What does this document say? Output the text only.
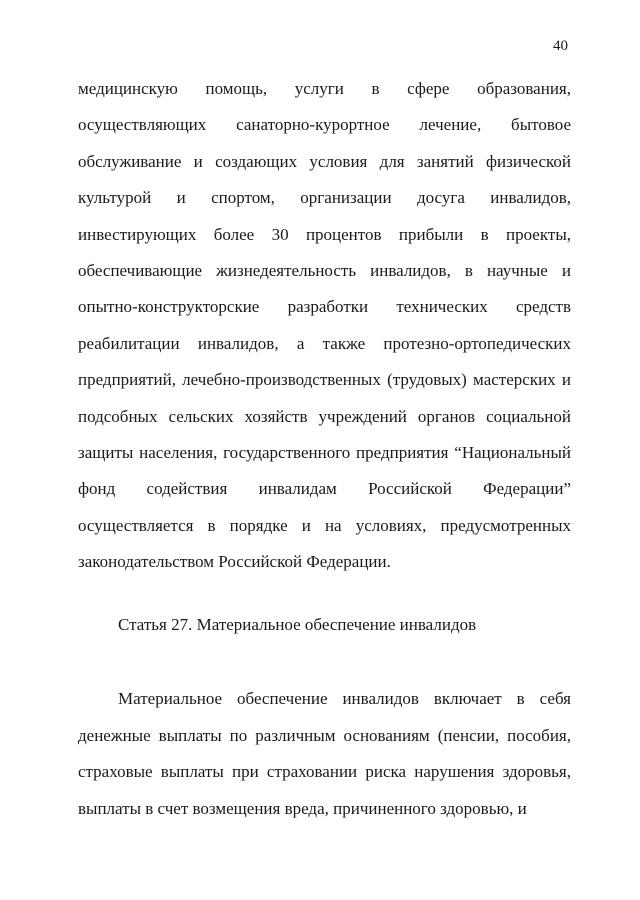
40
медицинскую помощь, услуги в сфере образования,
осуществляющих санаторно-курортное лечение, бытовое
обслуживание и создающих условия для занятий физической
культурой и спортом, организации досуга инвалидов,
инвестирующих более 30 процентов прибыли в проекты,
обеспечивающие жизнедеятельность инвалидов, в научные и
опытно-конструкторские разработки технических средств
реабилитации инвалидов, а также протезно-ортопедических
предприятий, лечебно-производственных (трудовых) мастерских и
подсобных сельских хозяйств учреждений органов социальной
защиты населения, государственного предприятия “Национальный
фонд содействия инвалидам Российской Федерации”
осуществляется в порядке и на условиях, предусмотренных
законодательством Российской Федерации.
Статья 27. Материальное обеспечение инвалидов
Материальное обеспечение инвалидов включает в себя
денежные выплаты по различным основаниям (пенсии, пособия,
страховые выплаты при страховании риска нарушения здоровья,
выплаты в счет возмещения вреда, причиненного здоровью, и
